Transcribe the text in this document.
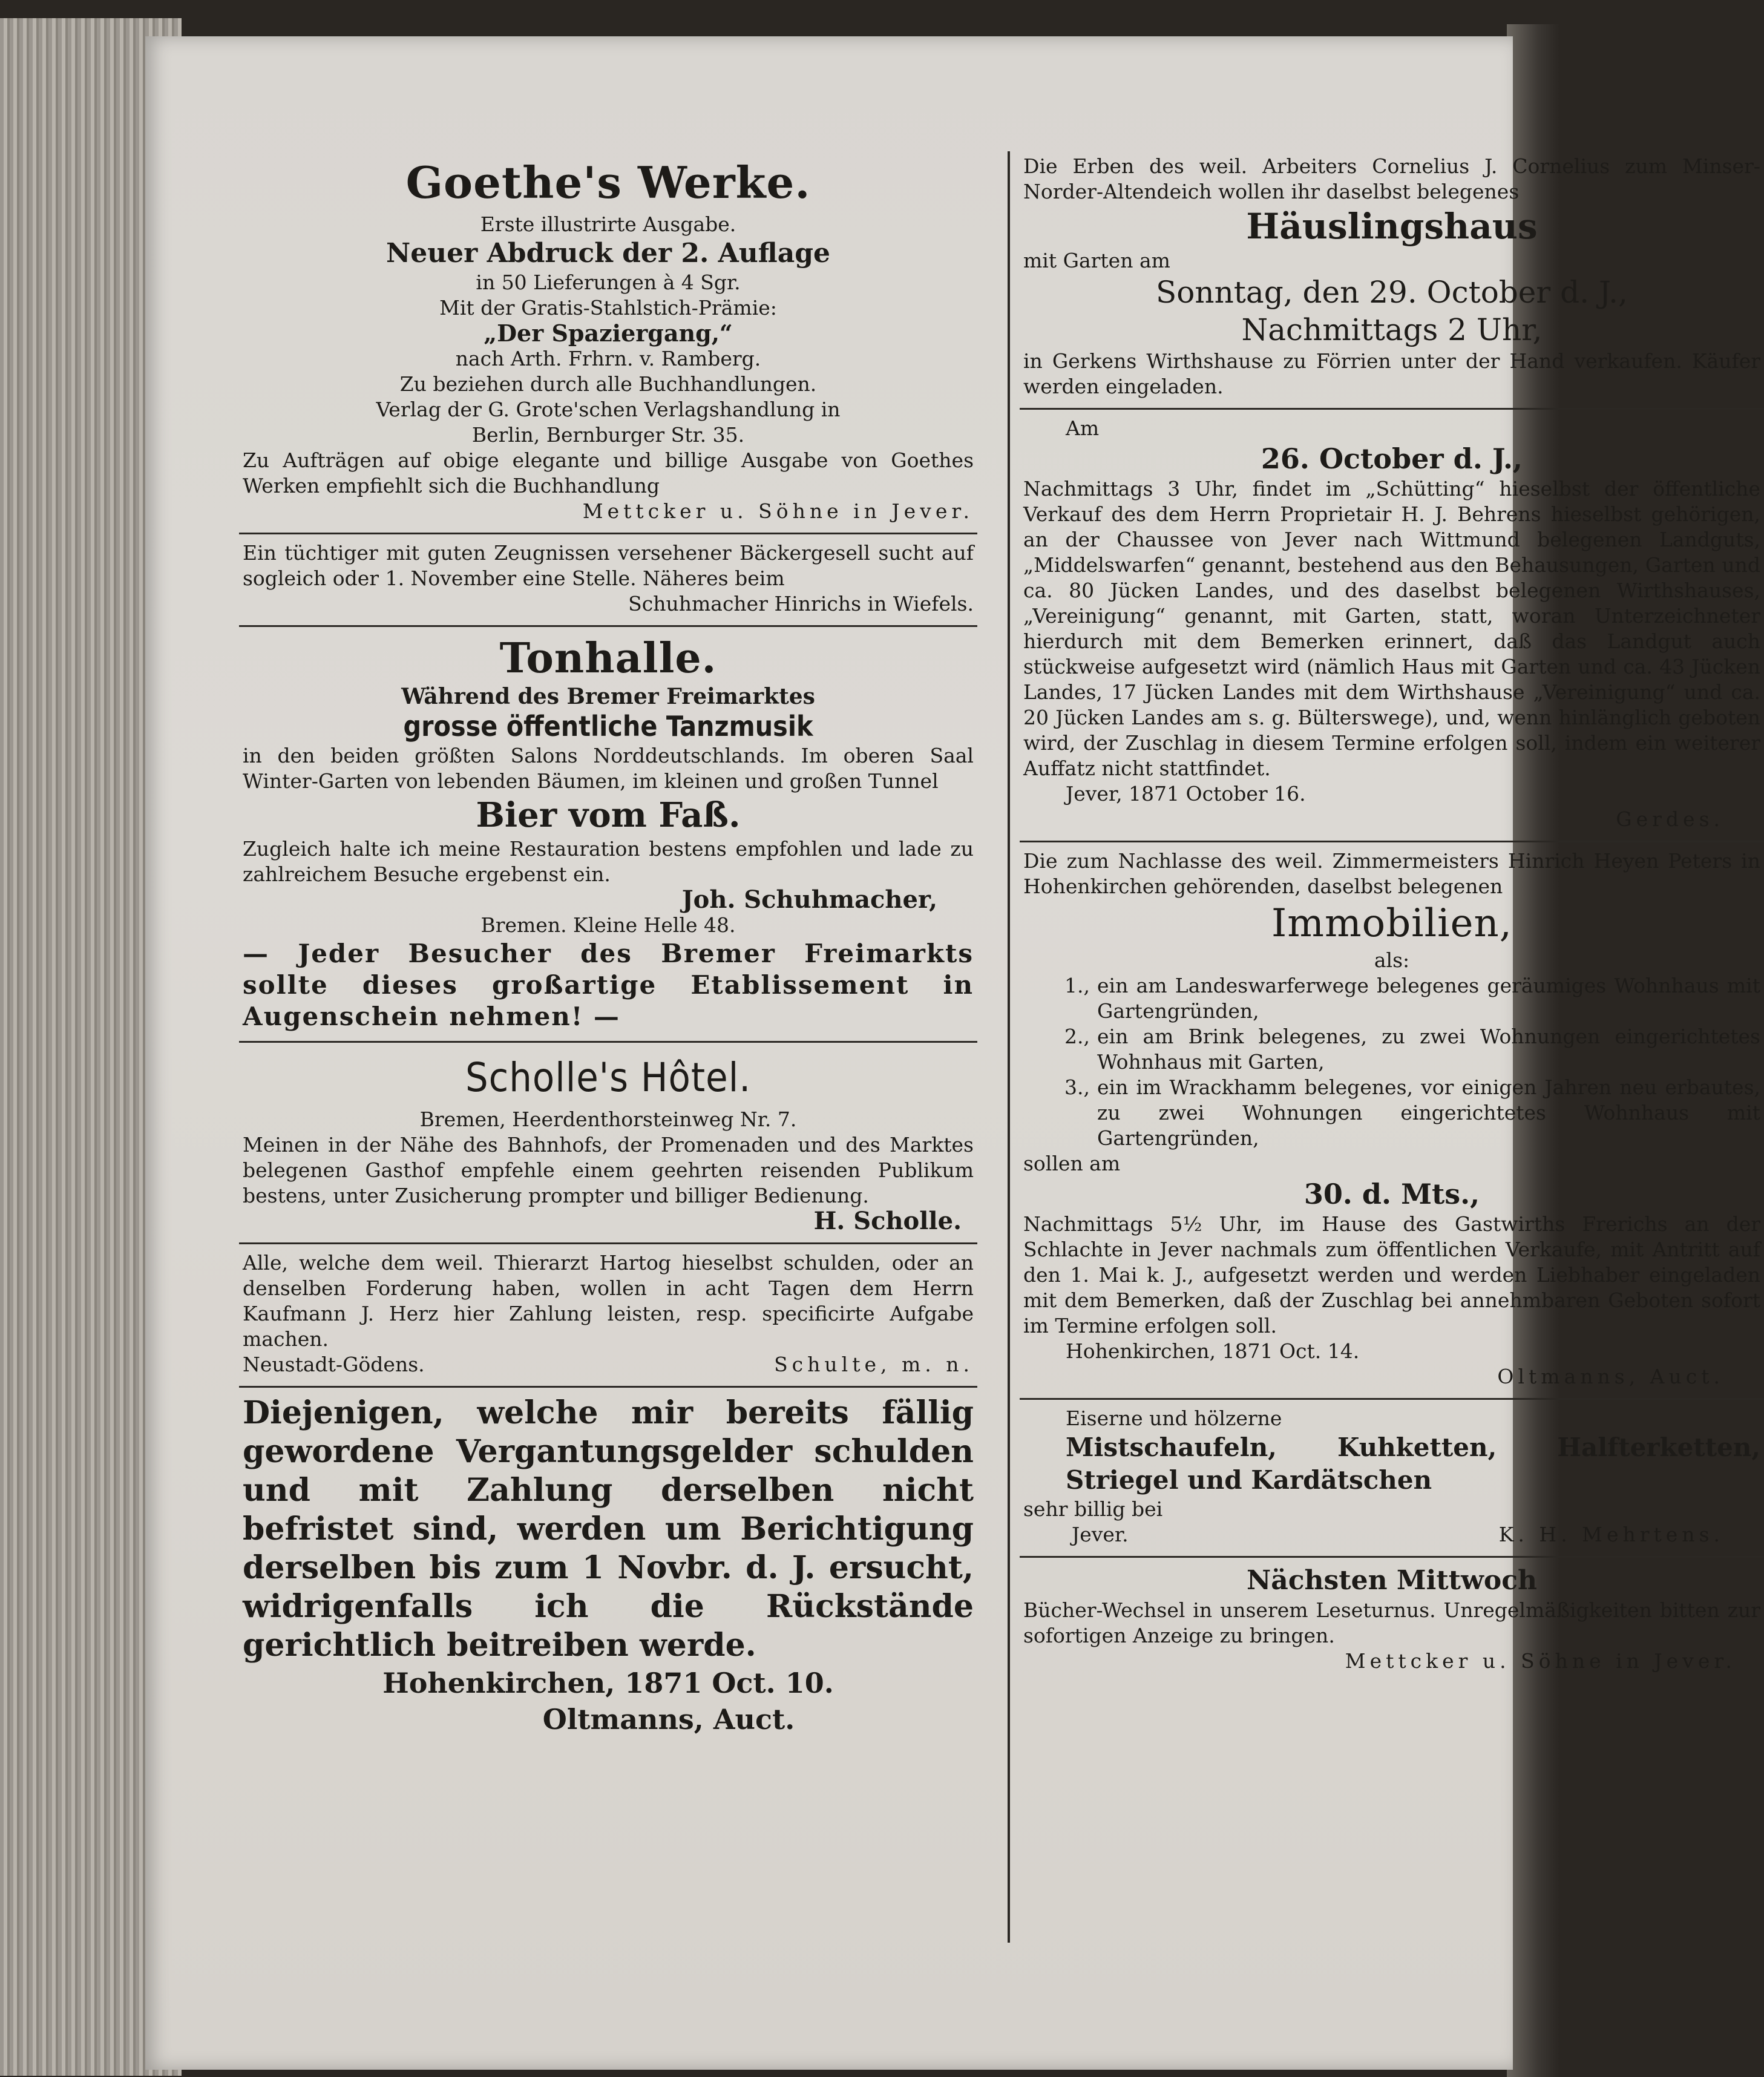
Goethe's Werke.

Erste illustrirte Ausgabe.

Neuer Abdruck der 2. Auflage

in 50 Lieferungen à 4 Sgr.

Mit der Gratis-Stahlstich-Prämie:

„Der Spaziergang,“

nach Arth. Frhrn. v. Ramberg.

Zu beziehen durch alle Buchhandlungen.

Verlag der G. Grote'schen Verlagshandlung in

Berlin, Bernburger Str. 35.

Zu Aufträgen auf obige elegante und billige Ausgabe von Goethes Werken empfiehlt sich die Buchhandlung

Mettcker u. Söhne in Jever.

Ein tüchtiger mit guten Zeugnissen versehener Bäckergesell sucht auf sogleich oder 1. November eine Stelle. Näheres beim

Schuhmacher Hinrichs in Wiefels.

Tonhalle.

Während des Bremer Freimarktes

grosse öffentliche Tanzmusik

in den beiden größten Salons Norddeutschlands. Im oberen Saal Winter-Garten von lebenden Bäumen, im kleinen und großen Tunnel

Bier vom Faß.

Zugleich halte ich meine Restauration bestens empfohlen und lade zu zahlreichem Besuche ergebenst ein.

Joh. Schuhmacher,

Bremen. Kleine Helle 48.

— Jeder Besucher des Bremer Freimarkts sollte dieses großartige Etablissement in Augenschein nehmen! —

Scholle's Hôtel.

Bremen, Heerdenthorsteinweg Nr. 7.

Meinen in der Nähe des Bahnhofs, der Promenaden und des Marktes belegenen Gasthof empfehle einem geehrten reisenden Publikum bestens, unter Zusicherung prompter und billiger Bedienung.

H. Scholle.

Alle, welche dem weil. Thierarzt Hartog hieselbst schulden, oder an denselben Forderung haben, wollen in acht Tagen dem Herrn Kaufmann J. Herz hier Zahlung leisten, resp. specificirte Aufgabe machen.

Neustadt-Gödens.	Schulte, m. n.

Diejenigen, welche mir bereits fällig gewordene Vergantungsgelder schulden und mit Zahlung derselben nicht befristet sind, werden um Berichtigung derselben bis zum 1 Novbr. d. J. ersucht, widrigenfalls ich die Rückstände gerichtlich beitreiben werde.

Hohenkirchen, 1871 Oct. 10.

Oltmanns, Auct.

Die Erben des weil. Arbeiters Cornelius J. Cornelius zum Minser-Norder-Altendeich wollen ihr daselbst belegenes

Häuslingshaus

mit Garten am

Sonntag, den 29. October d. J.,

Nachmittags 2 Uhr,

in Gerkens Wirthshause zu Förrien unter der Hand verkaufen. Käufer werden eingeladen.

Am

26. October d. J.,

Nachmittags 3 Uhr, findet im „Schütting“ hieselbst der öffentliche Verkauf des dem Herrn Proprietair H. J. Behrens hieselbst gehörigen, an der Chaussee von Jever nach Wittmund belegenen Landguts, „Middelswarfen“ genannt, bestehend aus den Behausungen, Garten und ca. 80 Jücken Landes, und des daselbst belegenen Wirthshauses, „Vereinigung“ genannt, mit Garten, statt, woran Unterzeichneter hierdurch mit dem Bemerken erinnert, daß das Landgut auch stückweise aufgesetzt wird (nämlich Haus mit Garten und ca. 43 Jücken Landes, 17 Jücken Landes mit dem Wirthshause „Vereinigung“ und ca. 20 Jücken Landes am s. g. Bülterswege), und, wenn hinlänglich geboten wird, der Zuschlag in diesem Termine erfolgen soll, indem ein weiterer Auffatz nicht stattfindet.

Jever, 1871 October 16.

Gerdes.

Die zum Nachlasse des weil. Zimmermeisters Hinrich Heyen Peters in Hohenkirchen gehörenden, daselbst belegenen

Immobilien,

als:

1., ein am Landeswarferwege belegenes geräumiges Wohnhaus mit Gartengründen,
2., ein am Brink belegenes, zu zwei Wohnungen eingerichtetes Wohnhaus mit Garten,
3., ein im Wrackhamm belegenes, vor einigen Jahren neu erbautes, zu zwei Wohnungen eingerichtetes Wohnhaus mit Gartengründen,

sollen am

30. d. Mts.,

Nachmittags 5½ Uhr, im Hause des Gastwirths Frerichs an der Schlachte in Jever nachmals zum öffentlichen Verkaufe, mit Antritt auf den 1. Mai k. J., aufgesetzt werden und werden Liebhaber eingeladen mit dem Bemerken, daß der Zuschlag bei annehmbaren Geboten sofort im Termine erfolgen soll.

Hohenkirchen, 1871 Oct. 14.

Oltmanns, Auct.

Eiserne und hölzerne

Mistschaufeln, Kuhketten, Halfterketten, Striegel und Kardätschen

sehr billig bei

Jever.	K. H. Mehrtens.

Nächsten Mittwoch

Bücher-Wechsel in unserem Leseturnus. Unregelmäßigkeiten bitten zur sofortigen Anzeige zu bringen.

Mettcker u. Söhne in Jever.
